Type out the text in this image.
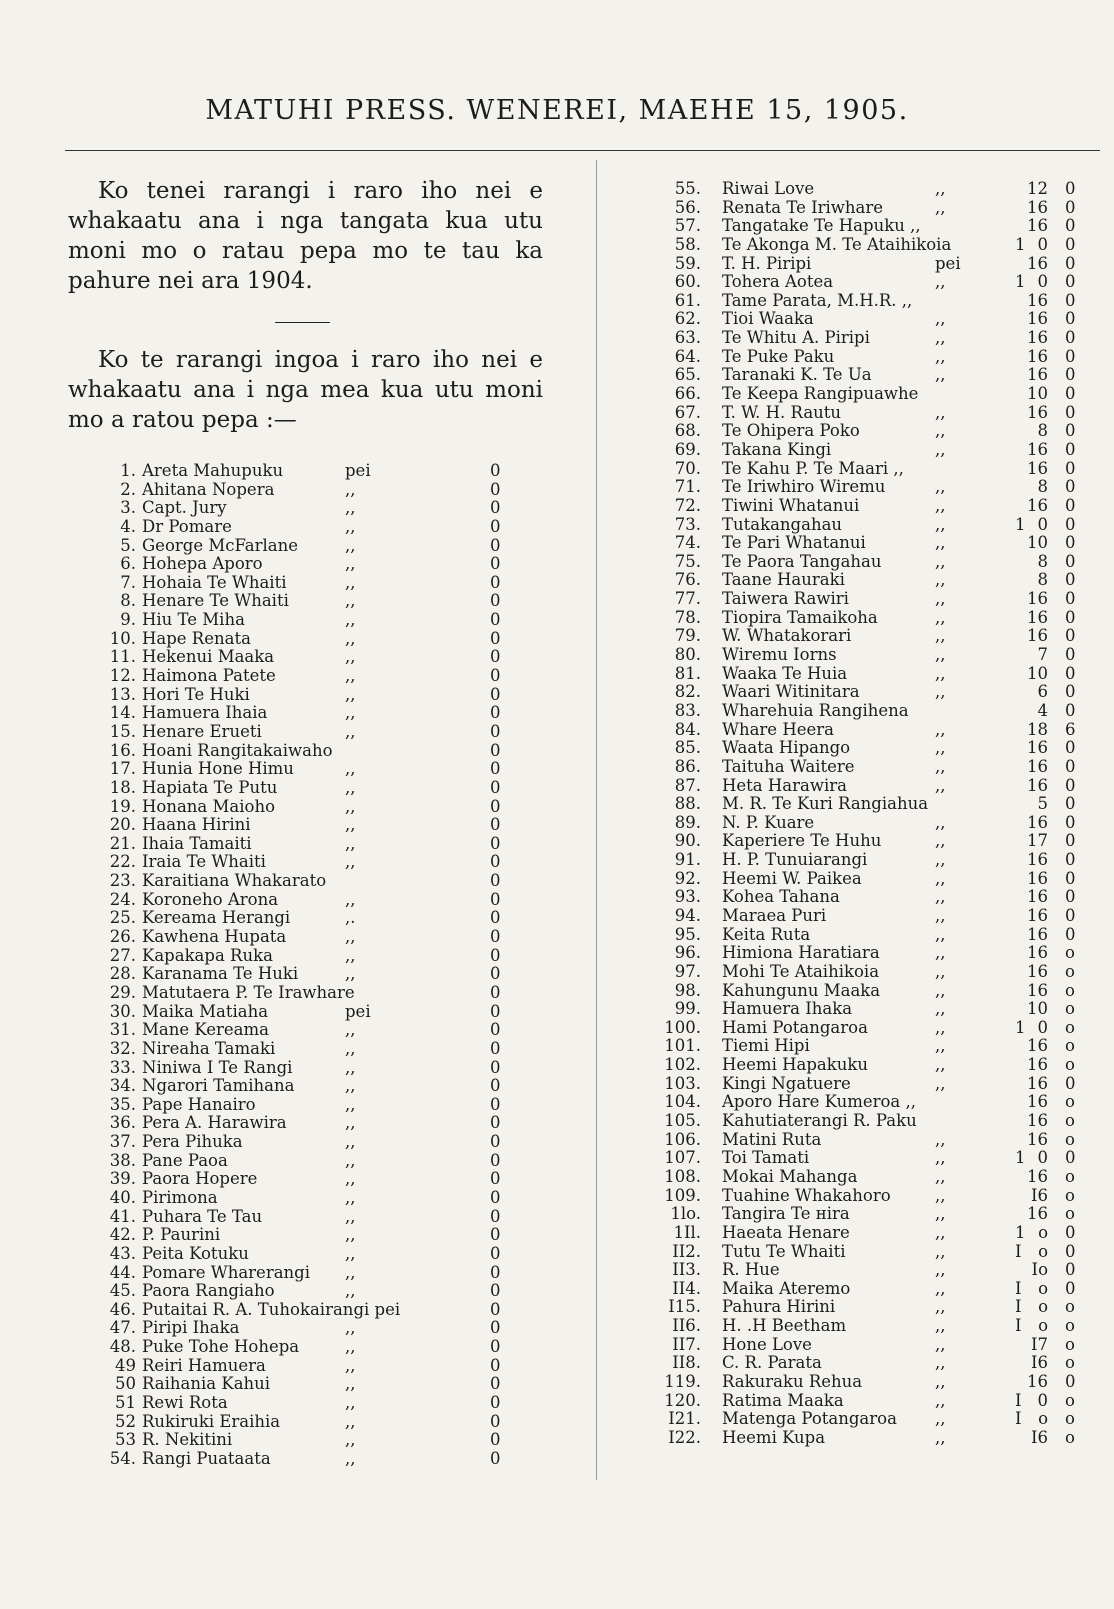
MATUHI PRESS. WENEREI, MAEHE 15, 1905.

Ko tenei rarangi i raro iho nei e whakaatu ana i nga tangata kua utu moni mo o ratau pepa mo te tau ka pahure nei ara 1904.

Ko te rarangi ingoa i raro iho nei e whakaatu ana i nga mea kua utu moni mo a ratou pepa :—

1. Areta Mahupuku	pei	0
2. Ahitana Nopera	,,	0
3. Capt. Jury	,,	0
4. Dr Pomare	,,	0
5. George McFarlane	,,	0
6. Hohepa Aporo	,,	0
7. Hohaia Te Whaiti	,,	0
8. Henare Te Whaiti	,,	0
9. Hiu Te Miha	,,	0
10. Hape Renata	,,	0
11. Hekenui Maaka	,,	0
12. Haimona Patete	,,	0
13. Hori Te Huki	,,	0
14. Hamuera Ihaia	,,	0
15. Henare Erueti	,,	0
16. Hoani Rangitakaiwaho	0
17. Hunia Hone Himu	,,	0
18. Hapiata Te Putu	,,	0
19. Honana Maioho	,,	0
20. Haana Hirini	,,	0
21. Ihaia Tamaiti	,,	0
22. Iraia Te Whaiti	,,	0
23. Karaitiana Whakarato	0
24. Koroneho Arona	,,	0
25. Kereama Herangi	,.	0
26. Kawhena Hupata	,,	0
27. Kapakapa Ruka	,,	0
28. Karanama Te Huki	,,	0
29. Matutaera P. Te Irawhare	0
30. Maika Matiaha	pei	0
31. Mane Kereama	,,	0
32. Nireaha Tamaki	,,	0
33. Niniwa I Te Rangi	,,	0
34. Ngarori Tamihana	,,	0
35. Pape Hanairo	,,	0
36. Pera A. Harawira	,,	0
37. Pera Pihuka	,,	0
38. Pane Paoa	,,	0
39. Paora Hopere	,,	0
40. Pirimona	,,	0
41. Puhara Te Tau	,,	0
42. P. Paurini	,,	0
43. Peita Kotuku	,,	0
44. Pomare Wharerangi ,,	0
45. Paora Rangiaho	,,	0
46. Putaitai R. A. Tuhokairangi pei	0
47. Piripi Ihaka	,,	0
48. Puke Tohe Hohepa	,,	0
49 Reiri Hamuera	,,	0
50 Raihania Kahui	,,	0
51 Rewi Rota	,,	0
52 Rukiruki Eraihia	,,	0
53 R. Nekitini	,,	0
54. Rangi Puataata	,,	0
55. Riwai Love	,,	12 0
56. Renata Te Iriwhare	,,	16 0
57. Tangatake Te Hapuku ,,	16 0
58. Te Akonga M. Te Ataihikoia	1 0 0
59. T. H. Piripi	pei	16 0
60. Tohera Aotea	,,	1 0 0
61. Tame Parata, M.H.R. ,,	16 0
62. Tioi Waaka	,,	16 0
63. Te Whitu A. Piripi	,,	16 0
64. Te Puke Paku	,,	16 0
65. Taranaki K. Te Ua	,,	16 0
66. Te Keepa Rangipuawhe	10 0
67. T. W. H. Rautu	,,	16 0
68. Te Ohipera Poko	,,	8 0
69. Takana Kingi	,,	16 0
70. Te Kahu P. Te Maari ,,	16 0
71. Te Iriwhiro Wiremu	,,	8 0
72. Tiwini Whatanui	,,	16 0
73. Tutakangahau	,,	1 0 0
74. Te Pari Whatanui	,,	10 0
75. Te Paora Tangahau	,,	8 0
76. Taane Hauraki	,,	8 0
77. Taiwera Rawiri	,,	16 0
78. Tiopira Tamaikoha	,,	16 0
79. W. Whatakorari	,,	16 0
80. Wiremu Iorns	,,	7 0
81. Waaka Te Huia	,,	10 0
82. Waari Witinitara	,,	6 0
83. Wharehuia Rangihena	4 0
84. Whare Heera	,,	18 6
85. Waata Hipango	,,	16 0
86. Taituha Waitere	,,	16 0
87. Heta Harawira	,,	16 0
88. M. R. Te Kuri Rangiahua	5 0
89. N. P. Kuare	,,	16 0
90. Kaperiere Te Huhu	,,	17 0
91. H. P. Tunuiarangi	,,	16 0
92. Heemi W. Paikea	,,	16 0
93. Kohea Tahana	,,	16 0
94. Maraea Puri	,,	16 0
95. Keita Ruta	,,	16 0
96. Himiona Haratiara	,,	16 o
97. Mohi Te Ataihikoia	,,	16 o
98. Kahungunu Maaka	,,	16 o
99. Hamuera Ihaka	,,	10 o
100. Hami Potangaroa	,,	1 0 o
101. Tiemi Hipi	,,	16 o
102. Heemi Hapakuku	,,	16 o
103. Kingi Ngatuere	,,	16 0
104. Aporo Hare Kumeroa ,,	16 o
105. Kahutiaterangi R. Paku	16 o
106. Matini Ruta	,,	16 o
107. Toi Tamati	,,	1 0 0
108. Mokai Mahanga	,,	16 o
109. Tuahine Whakahoro	,,	I6 o
1lo. Tangira Te нira	,,	16 o
1Il. Haeata Henare	,,	1 o 0
II2. Tutu Te Whaiti	,,	I o 0
II3. R. Hue	,,	Io 0
II4. Maika Ateremo	,,	I o 0
I15. Pahura Hirini	,,	I o o
II6. H. .H Beetham	,,	I o o
II7. Hone Love	,,	I7 o
II8. C. R. Parata	,,	I6 o
119. Rakuraku Rehua	,,	16 0
120. Ratima Maaka	,,	I 0 o
I21. Matenga Potangaroa ,,	I o o
I22. Heemi Kupa	,,	I6 o
